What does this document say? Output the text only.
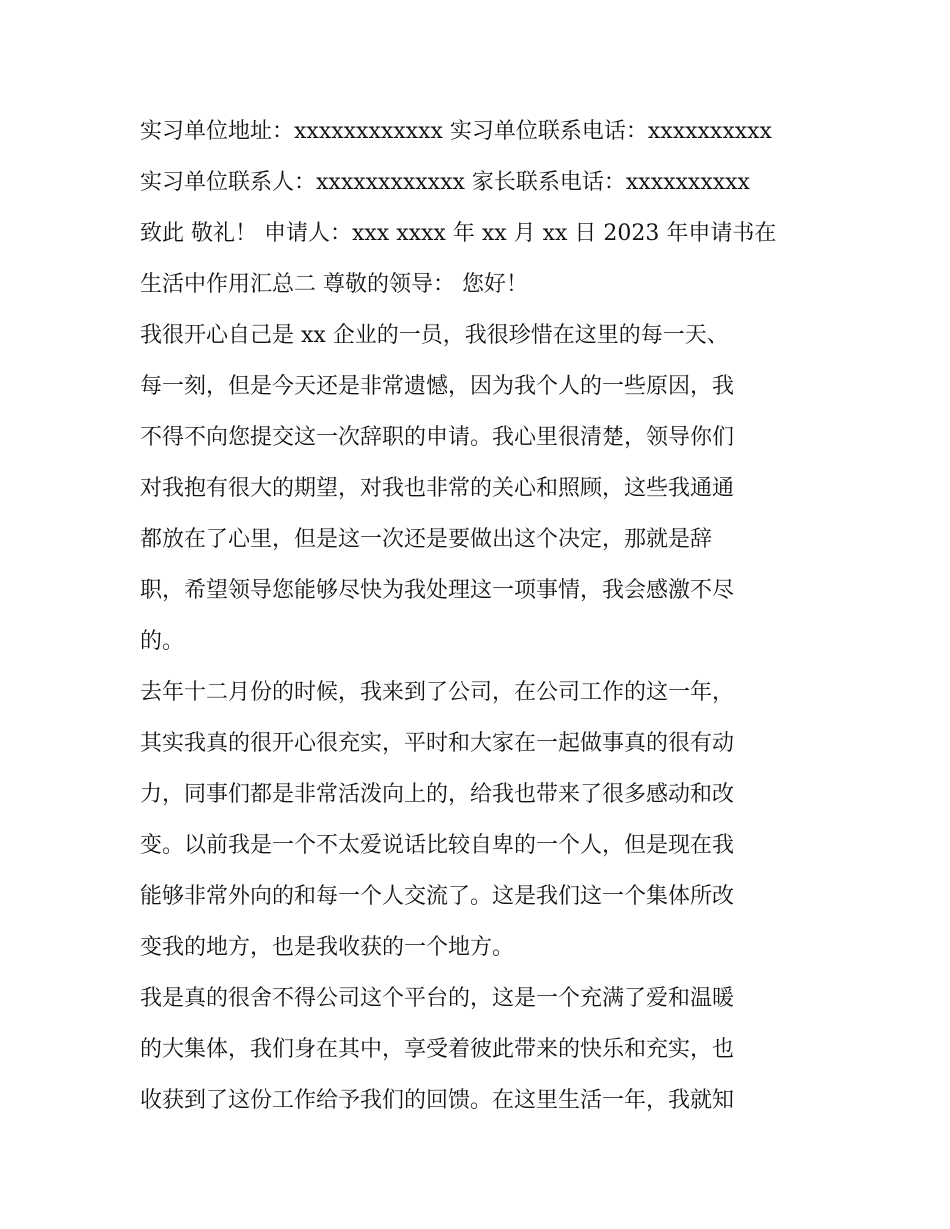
实习单位地址：xxxxxxxxxxxx 实习单位联系电话：xxxxxxxxxx

实习单位联系人：xxxxxxxxxxxx 家长联系电话：xxxxxxxxxx

致此 敬礼！ 申请人：xxx xxxx 年 xx 月 xx 日 2023 年申请书在

生活中作用汇总二 尊敬的领导： 您好！

我很开心自己是 xx 企业的一员，我很珍惜在这里的每一天、

每一刻，但是今天还是非常遗憾，因为我个人的一些原因，我

不得不向您提交这一次辞职的申请。我心里很清楚，领导你们

对我抱有很大的期望，对我也非常的关心和照顾，这些我通通

都放在了心里，但是这一次还是要做出这个决定，那就是辞

职，希望领导您能够尽快为我处理这一项事情，我会感激不尽

的。

去年十二月份的时候，我来到了公司，在公司工作的这一年，

其实我真的很开心很充实，平时和大家在一起做事真的很有动

力，同事们都是非常活泼向上的，给我也带来了很多感动和改

变。以前我是一个不太爱说话比较自卑的一个人，但是现在我

能够非常外向的和每一个人交流了。这是我们这一个集体所改

变我的地方，也是我收获的一个地方。

我是真的很舍不得公司这个平台的，这是一个充满了爱和温暖

的大集体，我们身在其中，享受着彼此带来的快乐和充实，也

收获到了这份工作给予我们的回馈。在这里生活一年，我就知
